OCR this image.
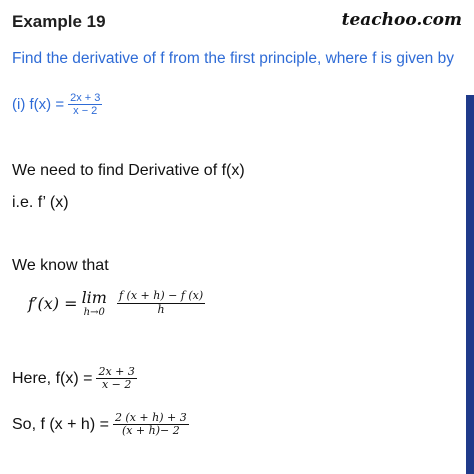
Example 19	teachoo.com
Find the derivative of f from the first principle, where f is given by
(i) $f(x) = \frac{2x + 3}{x - 2}$
We need to find Derivative of f(x)
i.e. f’ (x)
We know that
f′(x) = lim
$h\to 0 \frac{f (x + h) - f (x)}{h}$
Here, $f(x) = \frac{2x + 3}{x - 2}$
So, f $(x + h) = \frac{2 (x + h) + 3}{(x + h)- 2}$
